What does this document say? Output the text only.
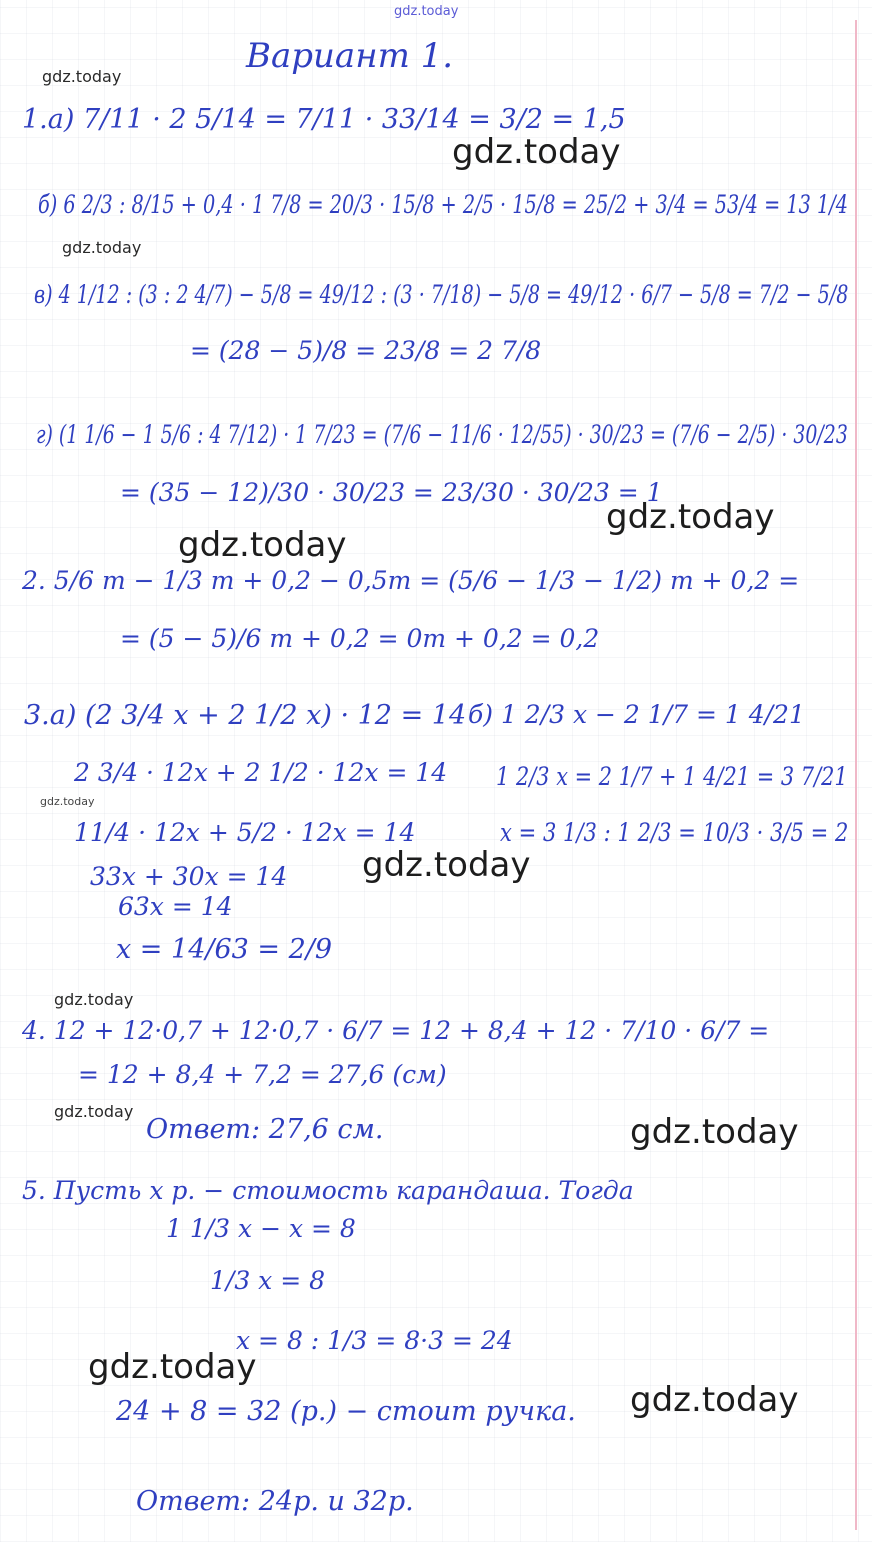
gdz.today
gdz.today
gdz.today
gdz.today
gdz.today
gdz.today
gdz.today
gdz.today
gdz.today
gdz.today
gdz.today
gdz.today
gdz.today
Вариант 1.
1.а) 7/11 · 2 5/14 = 7/11 · 33/14 = 3/2 = 1,5
б) 6 2/3 : 8/15 + 0,4 · 1 7/8 = 20/3 · 15/8 + 2/5 · 15/8 = 25/2 + 3/4 = 53/4 = 13 1/4
в) 4 1/12 : (3 : 2 4/7) − 5/8 = 49/12 : (3 · 7/18) − 5/8 = 49/12 · 6/7 − 5/8 = 7/2 − 5/8
= (28 − 5)/8 = 23/8 = 2 7/8
г) (1 1/6 − 1 5/6 : 4 7/12) · 1 7/23 = (7/6 − 11/6 · 12/55) · 30/23 = (7/6 − 2/5) · 30/23
= (35 − 12)/30 · 30/23 = 23/30 · 30/23 = 1
2. 5/6 m − 1/3 m + 0,2 − 0,5m = (5/6 − 1/3 − 1/2) m + 0,2 =
= (5 − 5)/6 m + 0,2 = 0m + 0,2 = 0,2
3.а) (2 3/4 x + 2 1/2 x) · 12 = 14
2 3/4 · 12x + 2 1/2 · 12x = 14
11/4 · 12x + 5/2 · 12x = 14
33x + 30x = 14
63x = 14
x = 14/63 = 2/9
б) 1 2/3 x − 2 1/7 = 1 4/21
1 2/3 x = 2 1/7 + 1 4/21 = 3 7/21
x = 3 1/3 : 1 2/3 = 10/3 · 3/5 = 2
4. 12 + 12·0,7 + 12·0,7 · 6/7 = 12 + 8,4 + 12 · 7/10 · 6/7 =
= 12 + 8,4 + 7,2 = 27,6 (см)
Ответ: 27,6 см.
5. Пусть x р. − стоимость карандаша. Тогда
1 1/3 x − x = 8
1/3 x = 8
x = 8 : 1/3 = 8·3 = 24
24 + 8 = 32 (р.) − стоит ручка.
Ответ: 24р. и 32р.
